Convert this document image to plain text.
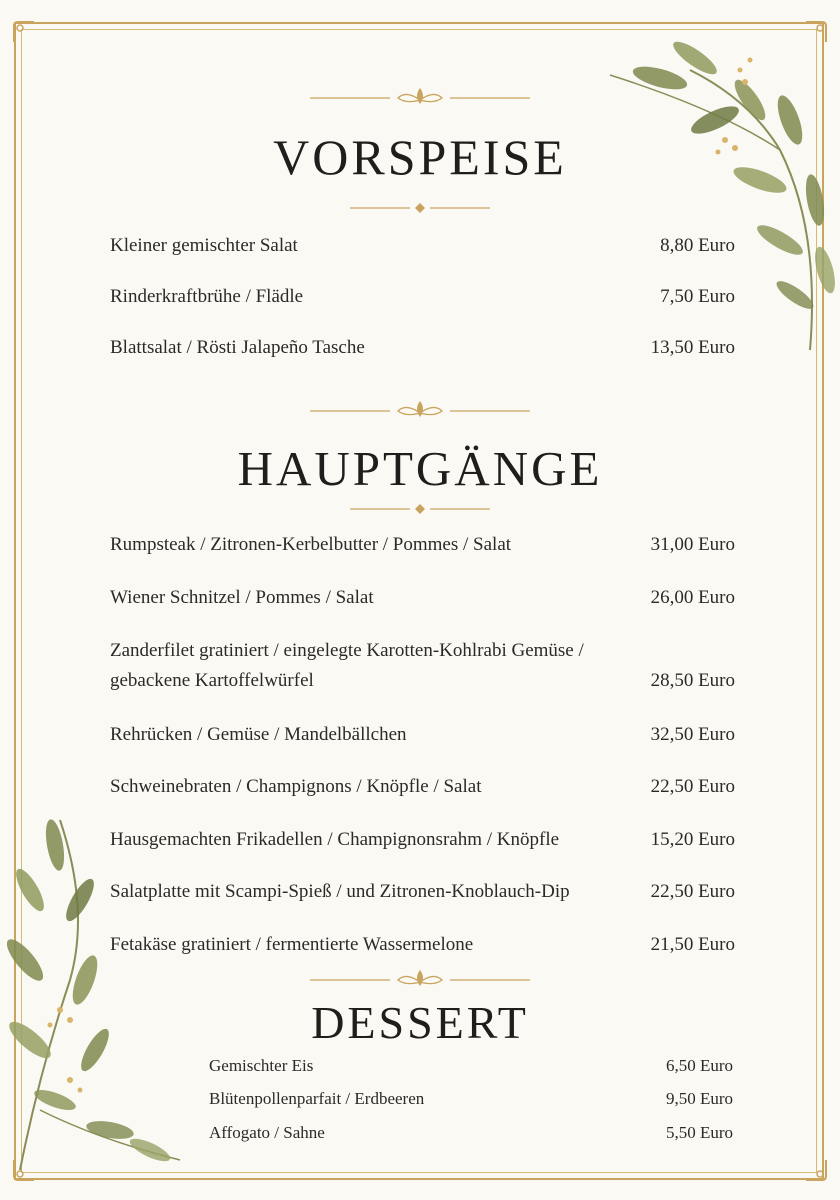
VORSPEISE
Kleiner gemischter Salat	8,80 Euro
Rinderkraftbrühe / Flädle	7,50 Euro
Blattsalat / Rösti Jalapeño Tasche	13,50 Euro
HAUPTGÄNGE
Rumpsteak / Zitronen-Kerbelbutter / Pommes / Salat	31,00 Euro
Wiener Schnitzel / Pommes / Salat	26,00 Euro
Zanderfilet gratiniert / eingelegte Karotten-Kohlrabi Gemüse /
gebackene Kartoffelwürfel	28,50 Euro
Rehrücken / Gemüse / Mandelbällchen	32,50 Euro
Schweinebraten / Champignons / Knöpfle / Salat	22,50 Euro
Hausgemachten Frikadellen / Champignonsrahm / Knöpfle	15,20 Euro
Salatplatte mit Scampi-Spieß / und Zitronen-Knoblauch-Dip	22,50 Euro
Fetakäse gratiniert / fermentierte Wassermelone	21,50 Euro
DESSERT
Gemischter Eis	6,50 Euro
Blütenpollenparfait / Erdbeeren	9,50 Euro
Affogato / Sahne	5,50 Euro
